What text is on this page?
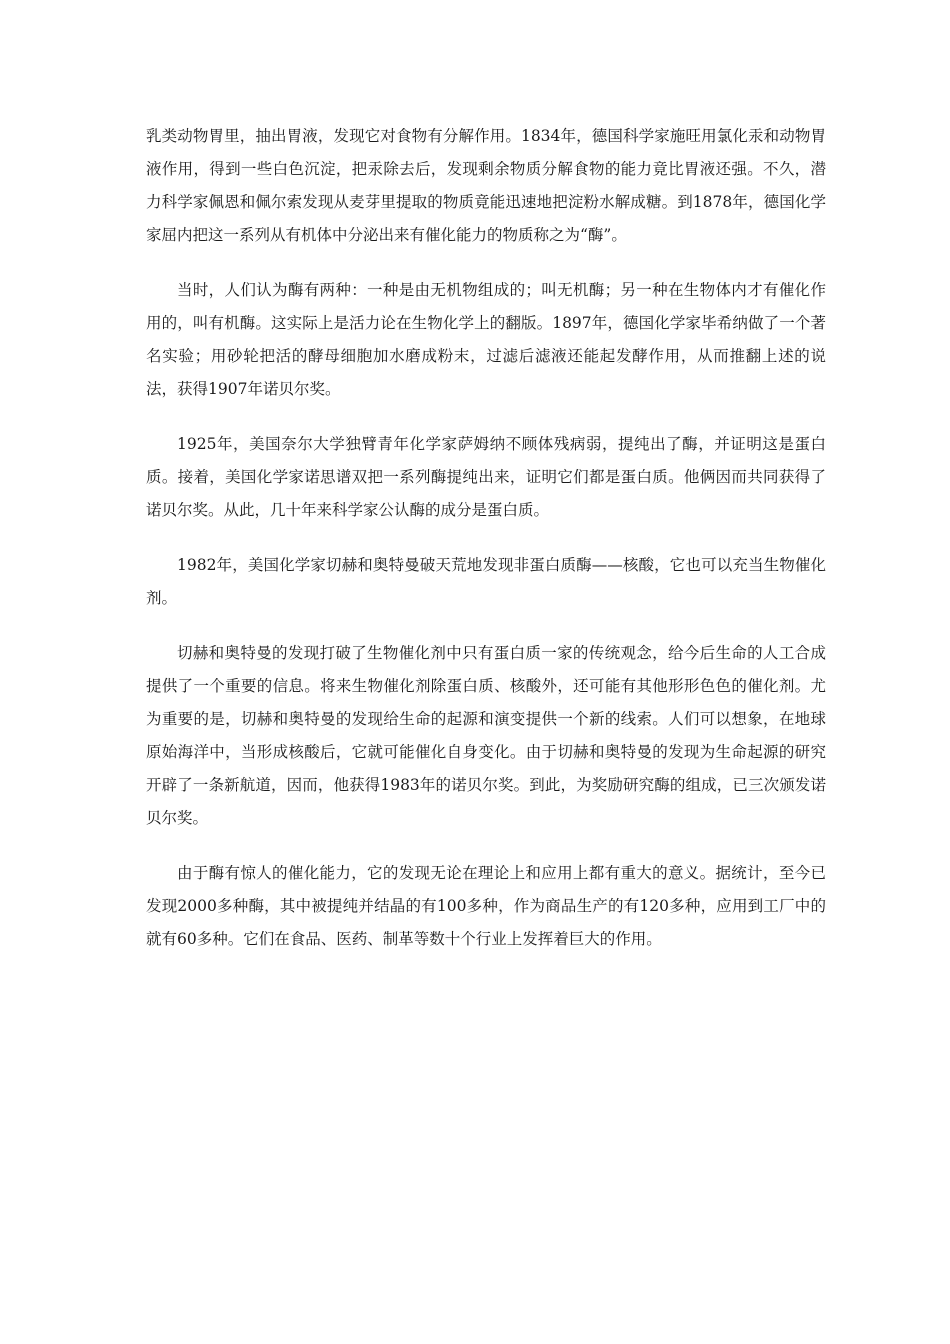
乳类动物胃里，抽出胃液，发现它对食物有分解作用。1834年，德国科学家施旺用氯化汞和动物胃液作用，得到一些白色沉淀，把汞除去后，发现剩余物质分解食物的能力竟比胃液还强。不久，潜力科学家佩恩和佩尔索发现从麦芽里提取的物质竟能迅速地把淀粉水解成糖。到1878年，德国化学家屈内把这一系列从有机体中分泌出来有催化能力的物质称之为“酶”。

当时，人们认为酶有两种：一种是由无机物组成的；叫无机酶；另一种在生物体内才有催化作用的，叫有机酶。这实际上是活力论在生物化学上的翻版。1897年，德国化学家毕希纳做了一个著名实验；用砂轮把活的酵母细胞加水磨成粉末，过滤后滤液还能起发酵作用，从而推翻上述的说法，获得1907年诺贝尔奖。

1925年，美国奈尔大学独臂青年化学家萨姆纳不顾体残病弱，提纯出了酶，并证明这是蛋白质。接着，美国化学家诺思谱双把一系列酶提纯出来，证明它们都是蛋白质。他俩因而共同获得了诺贝尔奖。从此，几十年来科学家公认酶的成分是蛋白质。

1982年，美国化学家切赫和奥特曼破天荒地发现非蛋白质酶——核酸，它也可以充当生物催化剂。

切赫和奥特曼的发现打破了生物催化剂中只有蛋白质一家的传统观念，给今后生命的人工合成提供了一个重要的信息。将来生物催化剂除蛋白质、核酸外，还可能有其他形形色色的催化剂。尤为重要的是，切赫和奥特曼的发现给生命的起源和演变提供一个新的线索。人们可以想象，在地球原始海洋中，当形成核酸后，它就可能催化自身变化。由于切赫和奥特曼的发现为生命起源的研究开辟了一条新航道，因而，他获得1983年的诺贝尔奖。到此，为奖励研究酶的组成，已三次颁发诺贝尔奖。

由于酶有惊人的催化能力，它的发现无论在理论上和应用上都有重大的意义。据统计，至今已发现2000多种酶，其中被提纯并结晶的有100多种，作为商品生产的有120多种，应用到工厂中的就有60多种。它们在食品、医药、制革等数十个行业上发挥着巨大的作用。
